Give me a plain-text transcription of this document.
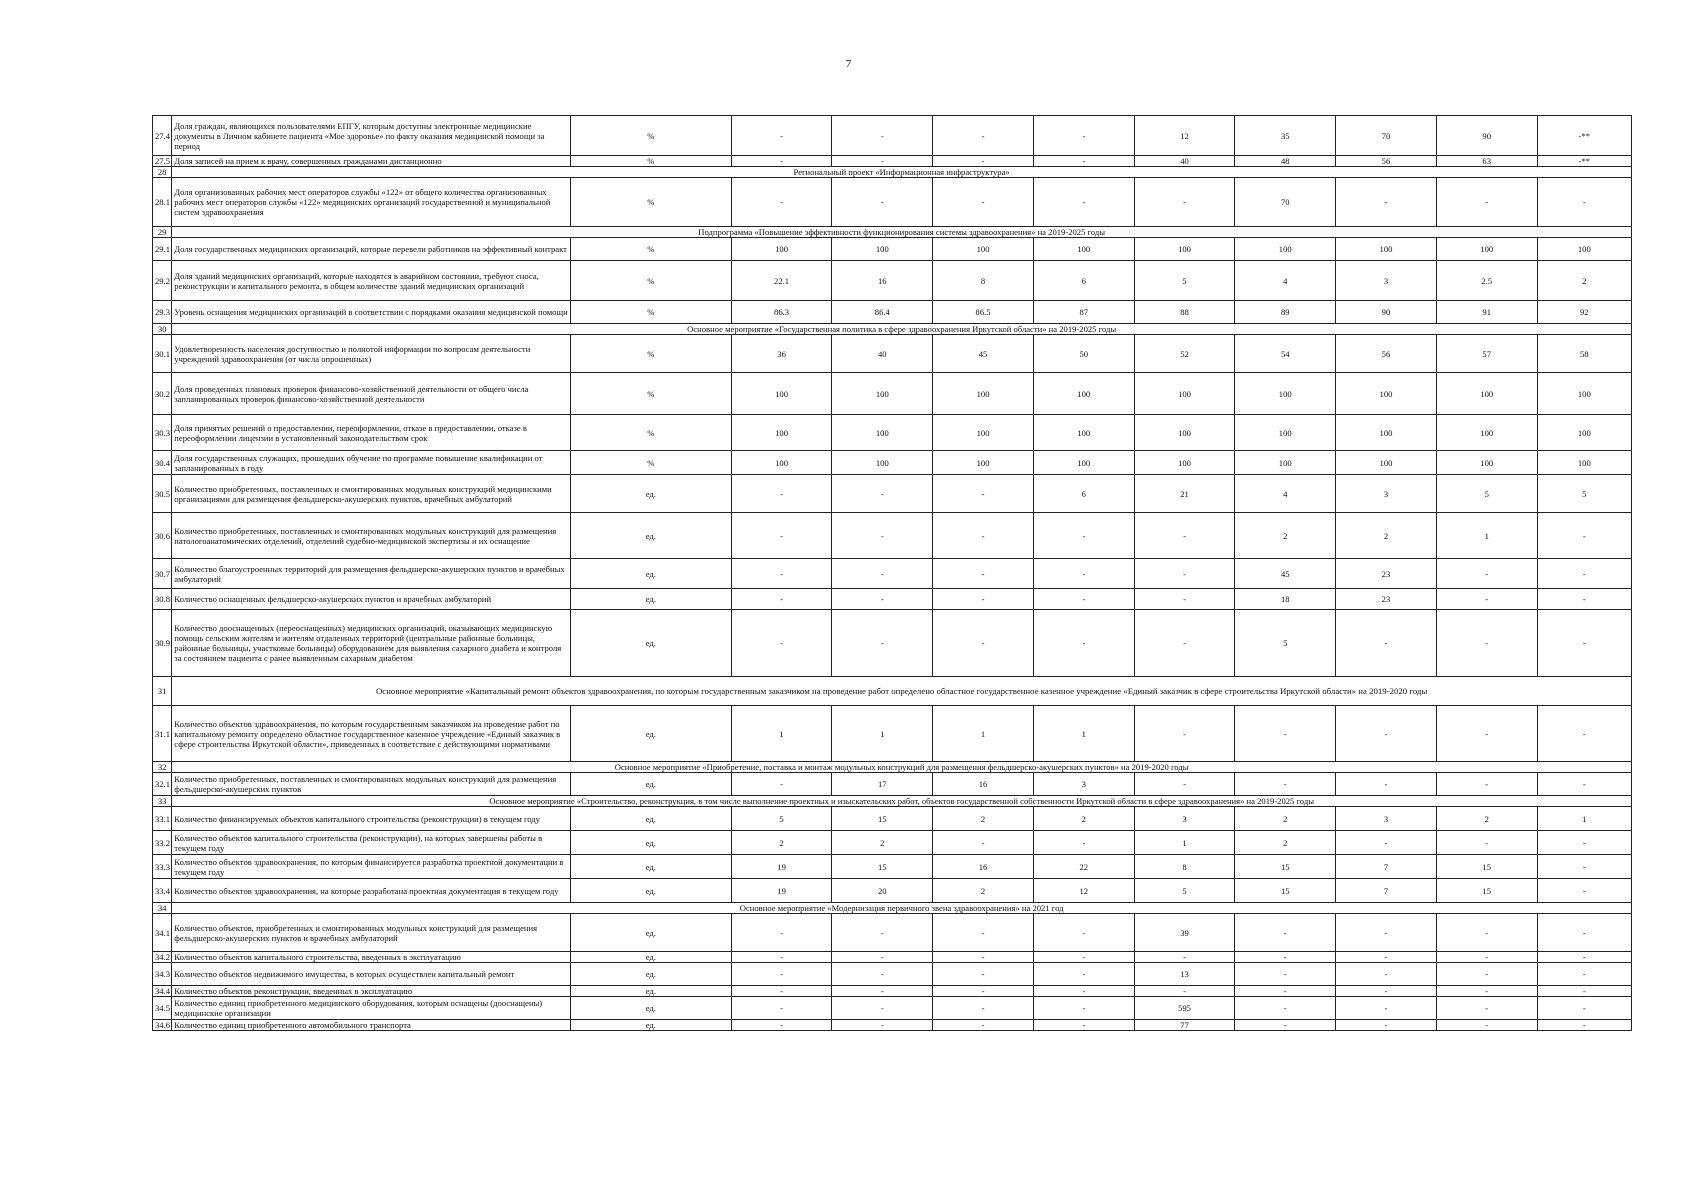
7
27.4	Доля граждан, являющихся пользователями ЕПГУ, которым доступны электронные медицинские документы в Личном кабинете пациента «Мое здоровье» по факту оказания медицинской помощи за период	%	-	-	-	-	12	35	70	90	-**
27.5	Доля записей на прием к врачу, совершенных гражданами дистанционно	%	-	-	-	-	40	48	56	63	-**
28	Региональный проект «Информационная инфраструктура»										
28.1	Доля организованных рабочих мест операторов службы «122» от общего количества организованных рабочих мест операторов службы «122» медицинских организаций государственной и муниципальной систем здравоохранения	%	-	-	-	-	-	70	-	-	-
29	Подпрограмма «Повышение эффективности функционирования системы здравоохранения» на 2019-2025 годы										
29.1	Доля государственных медицинских организаций, которые перевели работников на эффективный контракт	%	100	100	100	100	100	100	100	100	100
29.2	Доля зданий медицинских организаций, которые находятся в аварийном состоянии, требуют сноса, реконструкции и капитального ремонта, в общем количестве зданий медицинских организаций	%	22.1	16	8	6	5	4	3	2.5	2
29.3	Уровень оснащения медицинских организаций в соответствии с порядками оказания медицинской помощи	%	86.3	86.4	86.5	87	88	89	90	91	92
30	Основное мероприятие «Государственная политика в сфере здравоохранения Иркутской области» на 2019-2025 годы										
30.1	Удовлетворенность населения доступностью и полнотой информации по вопросам деятельности учреждений здравоохранения (от числа опрошенных)	%	36	40	45	50	52	54	56	57	58
30.2	Доля проведенных плановых проверок финансово-хозяйственной деятельности от общего числа запланированных проверок финансово-хозяйственной деятельности	%	100	100	100	100	100	100	100	100	100
30.3	Доля принятых решений о предоставлении, переоформлении, отказе в предоставлении, отказе в переоформлении лицензии в установленный законодательством срок	%	100	100	100	100	100	100	100	100	100
30.4	Доля государственных служащих, прошедших обучение по программе повышение квалификации от запланированных в году	%	100	100	100	100	100	100	100	100	100
30.5	Количество приобретенных, поставленных и смонтированных модульных конструкций медицинскими организациями для размещения фельдшерско-акушерских пунктов, врачебных амбулаторий	ед.	-	-	-	6	21	4	3	5	5
30.6	Количество приобретенных, поставленных и смонтированных модульных конструкций для размещения патологоанатомических отделений, отделений судебно-медицинской экспертизы и их оснащение	ед.	-	-	-	-	-	2	2	1	-
30.7	Количество благоустроенных территорий для размещения фельдшерско-акушерских пунктов и врачебных амбулаторий	ед.	-	-	-	-	-	45	23	-	-
30.8	Количество оснащенных фельдшерско-акушерских пунктов и врачебных амбулаторий	ед.	-	-	-	-	-	18	23	-	-
30.9	Количество дооснащенных (переоснащенных) медицинских организаций, оказывающих медицинскую помощь сельским жителям и жителям отдаленных территорий (центральные районные больницы, районные больницы, участковые больницы) оборудованием для выявления сахарного диабета и контроля за состоянием пациента с ранее выявленным сахарным диабетом	ед.	-	-	-	-	-	5	-	-	-
31	Основное мероприятие «Капитальный ремонт объектов здравоохранения, по которым государственным заказчиком на проведение работ определено областное государственное казенное учреждение «Единый заказчик в сфере строительства Иркутской области» на 2019-2020 годы										
31.1	Количество объектов здравоохранения, по которым государственным заказчиком на проведение работ по капитальному ремонту определено областное государственное казенное учреждение «Единый заказчик в сфере строительства Иркутской области», приведенных в соответствие с действующими нормативами	ед.	1	1	1	1	-	-	-	-	-
32	Основное мероприятие «Приобретение, поставка и монтаж модульных конструкций для размещения фельдшерско-акушерских пунктов» на 2019-2020 годы										
32.1	Количество приобретенных, поставленных и смонтированных модульных конструкций для размещения фельдшерско-акушерских пунктов	ед.	-	17	16	3	-	-	-	-	-
33	Основное мероприятие «Строительство, реконструкция, в том числе выполнение проектных и изыскательских работ, объектов государственной собственности Иркутской области в сфере здравоохранения» на 2019-2025 годы										
33.1	Количество финансируемых объектов капитального строительства (реконструкции) в текущем году	ед.	5	15	2	2	3	2	3	2	1
33.2	Количество объектов капитального строительства (реконструкции), на которых завершены работы в текущем году	ед.	2	2	-	-	1	2	-	-	-
33.3	Количество объектов здравоохранения, по которым финансируется разработка проектной документации в текущем году	ед.	19	15	16	22	8	15	7	15	-
33.4	Количество объектов здравоохранения, на которые разработана проектная документация в текущем году	ед.	19	20	2	12	5	15	7	15	-
34	Основное мероприятие «Модернизация первичного звена здравоохранения» на 2021 год										
34.1	Количество объектов, приобретенных и смонтированных модульных конструкций для размещения фельдшерско-акушерских пунктов и врачебных амбулаторий	ед.	-	-	-	-	39	-	-	-	-
34.2	Количество объектов капитального строительства, введенных в эксплуатацию	ед.	-	-	-	-	-	-	-	-	-
34.3	Количество объектов недвижимого имущества, в которых осуществлен капитальный ремонт	ед.	-	-	-	-	13	-	-	-	-
34.4	Количество объектов реконструкции, введенных в эксплуатацию	ед.	-	-	-	-	-	-	-	-	-
34.5	Количество единиц приобретенного медицинского оборудования, которым оснащены (дооснащены) медицинские организации	ед.	-	-	-	-	595	-	-	-	-
34.6	Количество единиц приобретенного автомобильного транспорта	ед.	-	-	-	-	77	-	-	-	-
